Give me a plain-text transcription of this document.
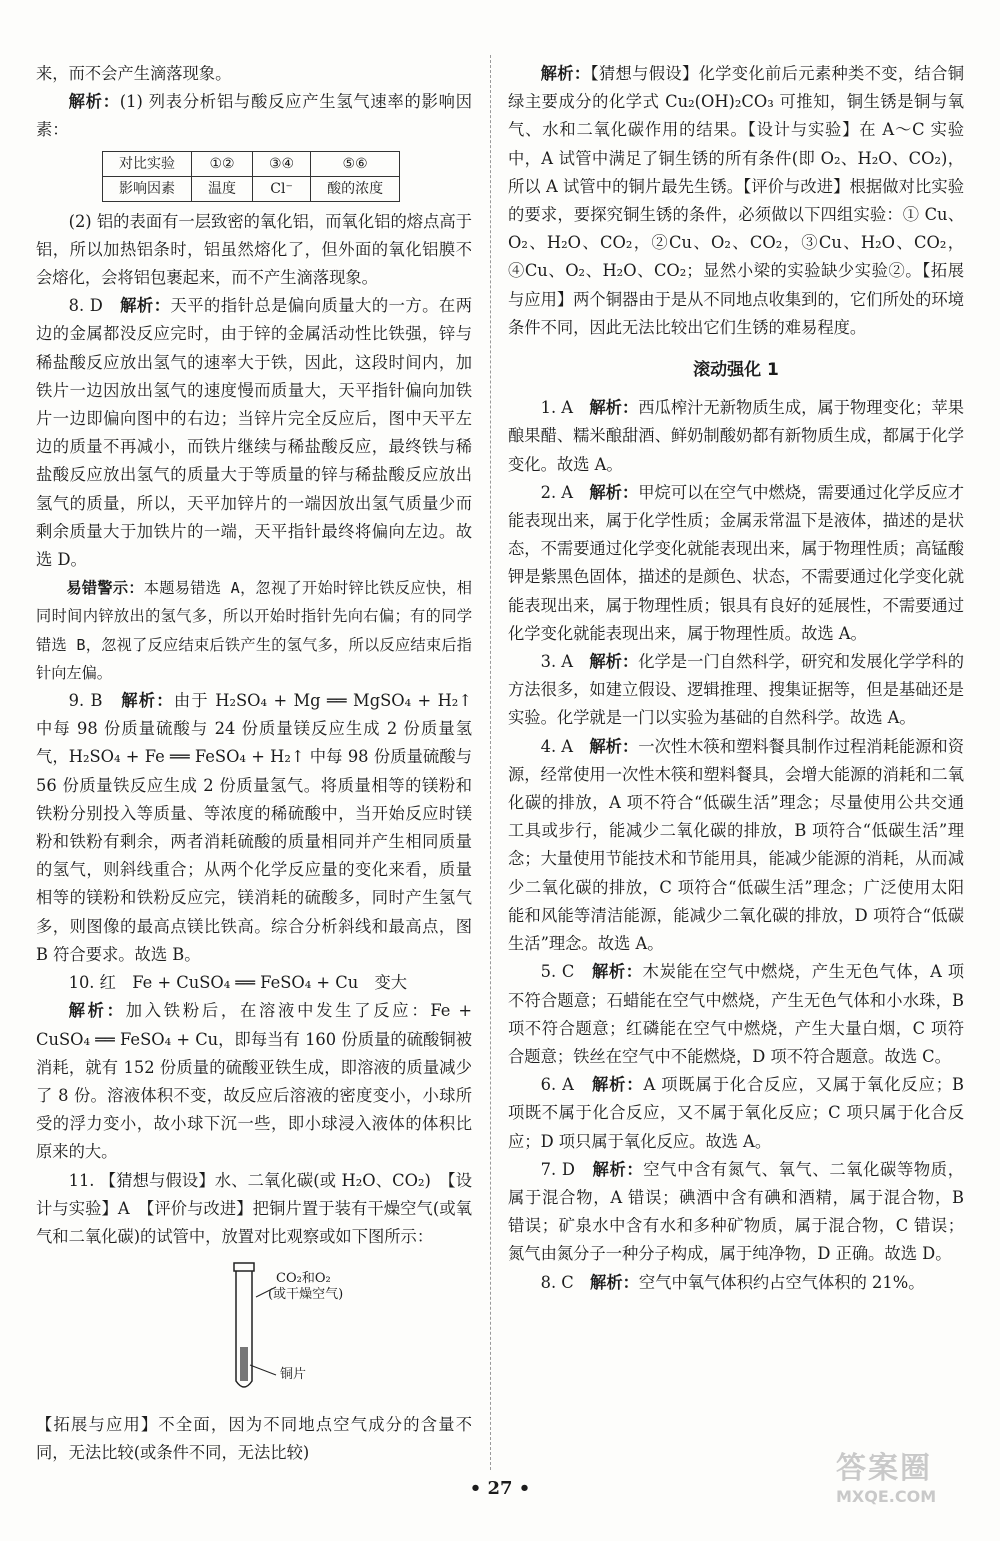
来，而不会产生滴落现象。

解析：(1) 列表分析铝与酸反应产生氢气速率的影响因素：

对比实验	①②	③④	⑤⑥
影响因素	温度	Cl⁻	酸的浓度

(2) 铝的表面有一层致密的氧化铝，而氧化铝的熔点高于铝，所以加热铝条时，铝虽然熔化了，但外面的氧化铝膜不会熔化，会将铝包裹起来，而不产生滴落现象。

8. D　解析：天平的指针总是偏向质量大的一方。在两边的金属都没反应完时，由于锌的金属活动性比铁强，锌与稀盐酸反应放出氢气的速率大于铁，因此，这段时间内，加铁片一边因放出氢气的速度慢而质量大，天平指针偏向加铁片一边即偏向图中的右边；当锌片完全反应后，图中天平左边的质量不再减小，而铁片继续与稀盐酸反应，最终铁与稀盐酸反应放出氢气的质量大于等质量的锌与稀盐酸反应放出氢气的质量，所以，天平加锌片的一端因放出氢气质量少而剩余质量大于加铁片的一端，天平指针最终将偏向左边。故选 D。

易错警示：本题易错选 A，忽视了开始时锌比铁反应快，相同时间内锌放出的氢气多，所以开始时指针先向右偏；有的同学错选 B，忽视了反应结束后铁产生的氢气多，所以反应结束后指针向左偏。

9. B　解析：由于 H₂SO₄ + Mg ══ MgSO₄ + H₂↑ 中每 98 份质量硫酸与 24 份质量镁反应生成 2 份质量氢气，H₂SO₄ + Fe ══ FeSO₄ + H₂↑ 中每 98 份质量硫酸与 56 份质量铁反应生成 2 份质量氢气。将质量相等的镁粉和铁粉分别投入等质量、等浓度的稀硫酸中，当开始反应时镁粉和铁粉有剩余，两者消耗硫酸的质量相同并产生相同质量的氢气，则斜线重合；从两个化学反应量的变化来看，质量相等的镁粉和铁粉反应完，镁消耗的硫酸多，同时产生氢气多，则图像的最高点镁比铁高。综合分析斜线和最高点，图 B 符合要求。故选 B。

10. 红　Fe + CuSO₄ ══ FeSO₄ + Cu　变大

解析：加入铁粉后，在溶液中发生了反应：Fe + CuSO₄ ══ FeSO₄ + Cu，即每当有 160 份质量的硫酸铜被消耗，就有 152 份质量的硫酸亚铁生成，即溶液的质量减少了 8 份。溶液体积不变，故反应后溶液的密度变小，小球所受的浮力变小，故小球下沉一些，即小球浸入液体的体积比原来的大。

11. 【猜想与假设】水、二氧化碳(或 H₂O、CO₂)　【设计与实验】A　【评价与改进】把铜片置于装有干燥空气(或氧气和二氧化碳)的试管中，放置对比观察或如下图所示：

CO₂和O₂
(或干燥空气)
铜片

【拓展与应用】不全面，因为不同地点空气成分的含量不同，无法比较(或条件不同，无法比较)

解析：【猜想与假设】化学变化前后元素种类不变，结合铜绿主要成分的化学式 Cu₂(OH)₂CO₃ 可推知，铜生锈是铜与氧气、水和二氧化碳作用的结果。【设计与实验】在 A～C 实验中，A 试管中满足了铜生锈的所有条件(即 O₂、H₂O、CO₂)，所以 A 试管中的铜片最先生锈。【评价与改进】根据做对比实验的要求，要探究铜生锈的条件，必须做以下四组实验：① Cu、O₂、H₂O、CO₂，②Cu、O₂、CO₂，③Cu、H₂O、CO₂，④Cu、O₂、H₂O、CO₂；显然小梁的实验缺少实验②。【拓展与应用】两个铜器由于是从不同地点收集到的，它们所处的环境条件不同，因此无法比较出它们生锈的难易程度。

滚动强化 1

1. A　解析：西瓜榨汁无新物质生成，属于物理变化；苹果酿果醋、糯米酿甜酒、鲜奶制酸奶都有新物质生成，都属于化学变化。故选 A。

2. A　解析：甲烷可以在空气中燃烧，需要通过化学反应才能表现出来，属于化学性质；金属汞常温下是液体，描述的是状态，不需要通过化学变化就能表现出来，属于物理性质；高锰酸钾是紫黑色固体，描述的是颜色、状态，不需要通过化学变化就能表现出来，属于物理性质；银具有良好的延展性，不需要通过化学变化就能表现出来，属于物理性质。故选 A。

3. A　解析：化学是一门自然科学，研究和发展化学学科的方法很多，如建立假设、逻辑推理、搜集证据等，但是基础还是实验。化学就是一门以实验为基础的自然科学。故选 A。

4. A　解析：一次性木筷和塑料餐具制作过程消耗能源和资源，经常使用一次性木筷和塑料餐具，会增大能源的消耗和二氧化碳的排放，A 项不符合“低碳生活”理念；尽量使用公共交通工具或步行，能减少二氧化碳的排放，B 项符合“低碳生活”理念；大量使用节能技术和节能用具，能减少能源的消耗，从而减少二氧化碳的排放，C 项符合“低碳生活”理念；广泛使用太阳能和风能等清洁能源，能减少二氧化碳的排放，D 项符合“低碳生活”理念。故选 A。

5. C　解析：木炭能在空气中燃烧，产生无色气体，A 项不符合题意；石蜡能在空气中燃烧，产生无色气体和小水珠，B 项不符合题意；红磷能在空气中燃烧，产生大量白烟，C 项符合题意；铁丝在空气中不能燃烧，D 项不符合题意。故选 C。

6. A　解析：A 项既属于化合反应，又属于氧化反应；B 项既不属于化合反应，又不属于氧化反应；C 项只属于化合反应；D 项只属于氧化反应。故选 A。

7. D　解析：空气中含有氮气、氧气、二氧化碳等物质，属于混合物，A 错误；碘酒中含有碘和酒精，属于混合物，B 错误；矿泉水中含有水和多种矿物质，属于混合物，C 错误；氮气由氮分子一种分子构成，属于纯净物，D 正确。故选 D。

8. C　解析：空气中氧气体积约占空气体积的 21%。

• 27 •
答案圈
MXQE.COM
